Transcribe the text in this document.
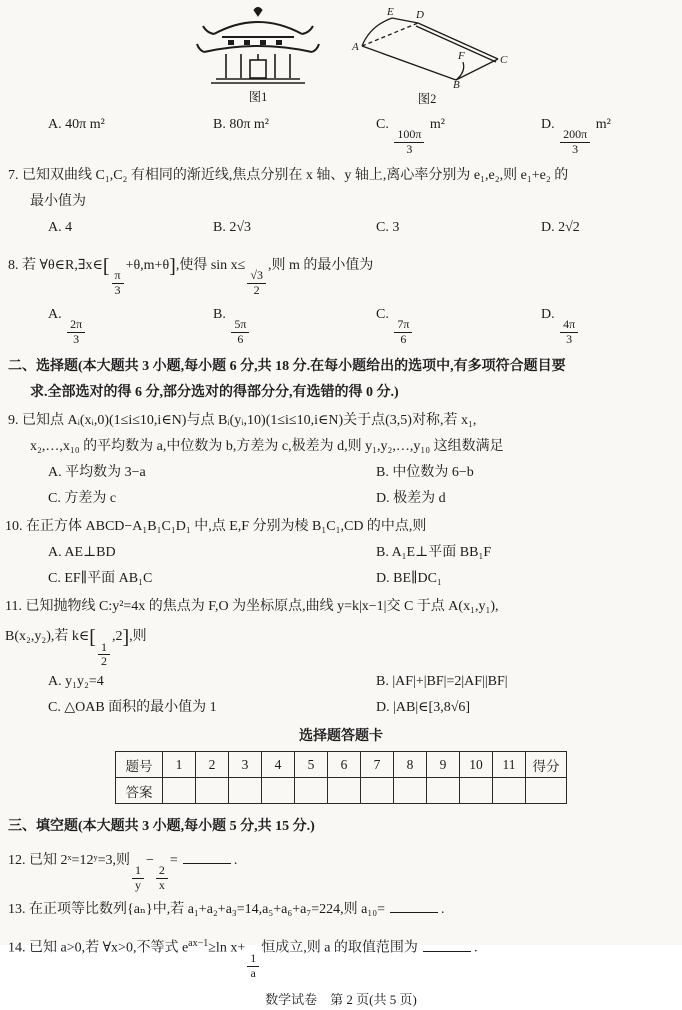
图1
A
E D
C
F
B
图2
A. 40π m²	B. 80π m²	C.
$\frac{100\pi}{3}$
m²	D.
$\frac{200\pi}{3}$
m²

7. 已知双曲线 C₁,C₂ 有相同的渐近线,焦点分别在 x 轴、y 轴上,离心率分别为 e₁,e₂,则 e₁+e₂ 的

最小值为

A. 4	B. 2√3	C. 3	D. 2√2

8. 若 ∀θ∈R,∃x∈[
$\frac{\pi}{3}$
+θ,m+θ],使得 sin x≤
$\frac{√3}{2}$
,则 m 的最小值为

A.
$\frac{2\pi}{3}$
B.
$\frac{5\pi}{6}$
C.
$\frac{7\pi}{6}$
D.
$\frac{4\pi}{3}$

二、选择题(本大题共 3 小题,每小题 6 分,共 18 分.在每小题给出的选项中,有多项符合题目要

求.全部选对的得 6 分,部分选对的得部分分,有选错的得 0 分.)

9. 已知点 Aᵢ(xᵢ,0)(1≤i≤10,i∈N)与点 Bᵢ(yᵢ,10)(1≤i≤10,i∈N)关于点(3,5)对称,若 x₁,

x₂,…,x₁₀ 的平均数为 a,中位数为 b,方差为 c,极差为 d,则 y₁,y₂,…,y₁₀ 这组数满足

A. 平均数为 3−a	B. 中位数为 6−b
C. 方差为 c	D. 极差为 d

10. 在正方体 ABCD−A₁B₁C₁D₁ 中,点 E,F 分别为棱 B₁C₁,CD 的中点,则

A. AE⊥BD	B. A₁E⊥平面 BB₁F
C. EF∥平面 AB₁C	D. BE∥DC₁

11. 已知抛物线 C:y²=4x 的焦点为 F,O 为坐标原点,曲线 y=k|x−1|交 C 于点 A(x₁,y₁),

B(x₂,y₂),若 k∈[
$\frac{1}{2}$
,2],则

A. y₁y₂=4	B. |AF|+|BF|=2|AF||BF|
C. △OAB 面积的最小值为 1	D. |AB|∈[3,8√6]
选择题答题卡
题号	1	2	3	4	5	6	7	8	9	10	11	得分
答案												

三、填空题(本大题共 3 小题,每小题 5 分,共 15 分.)

12. 已知 2ˣ=12ʸ=3,则
$\frac{1}{y}$
−
$\frac{2}{x}$
=	.

13. 在正项等比数列{aₙ}中,若 a₁+a₂+a₃=14,a₅+a₆+a₇=224,则 a₁₀=	.

14. 已知 a>0,若 ∀x>0,不等式 $e^{ax-1}\ge\ln$ x+
$\frac{1}{a}$
恒成立,则 a 的取值范围为	.

数学试卷　第 2 页(共 5 页)
